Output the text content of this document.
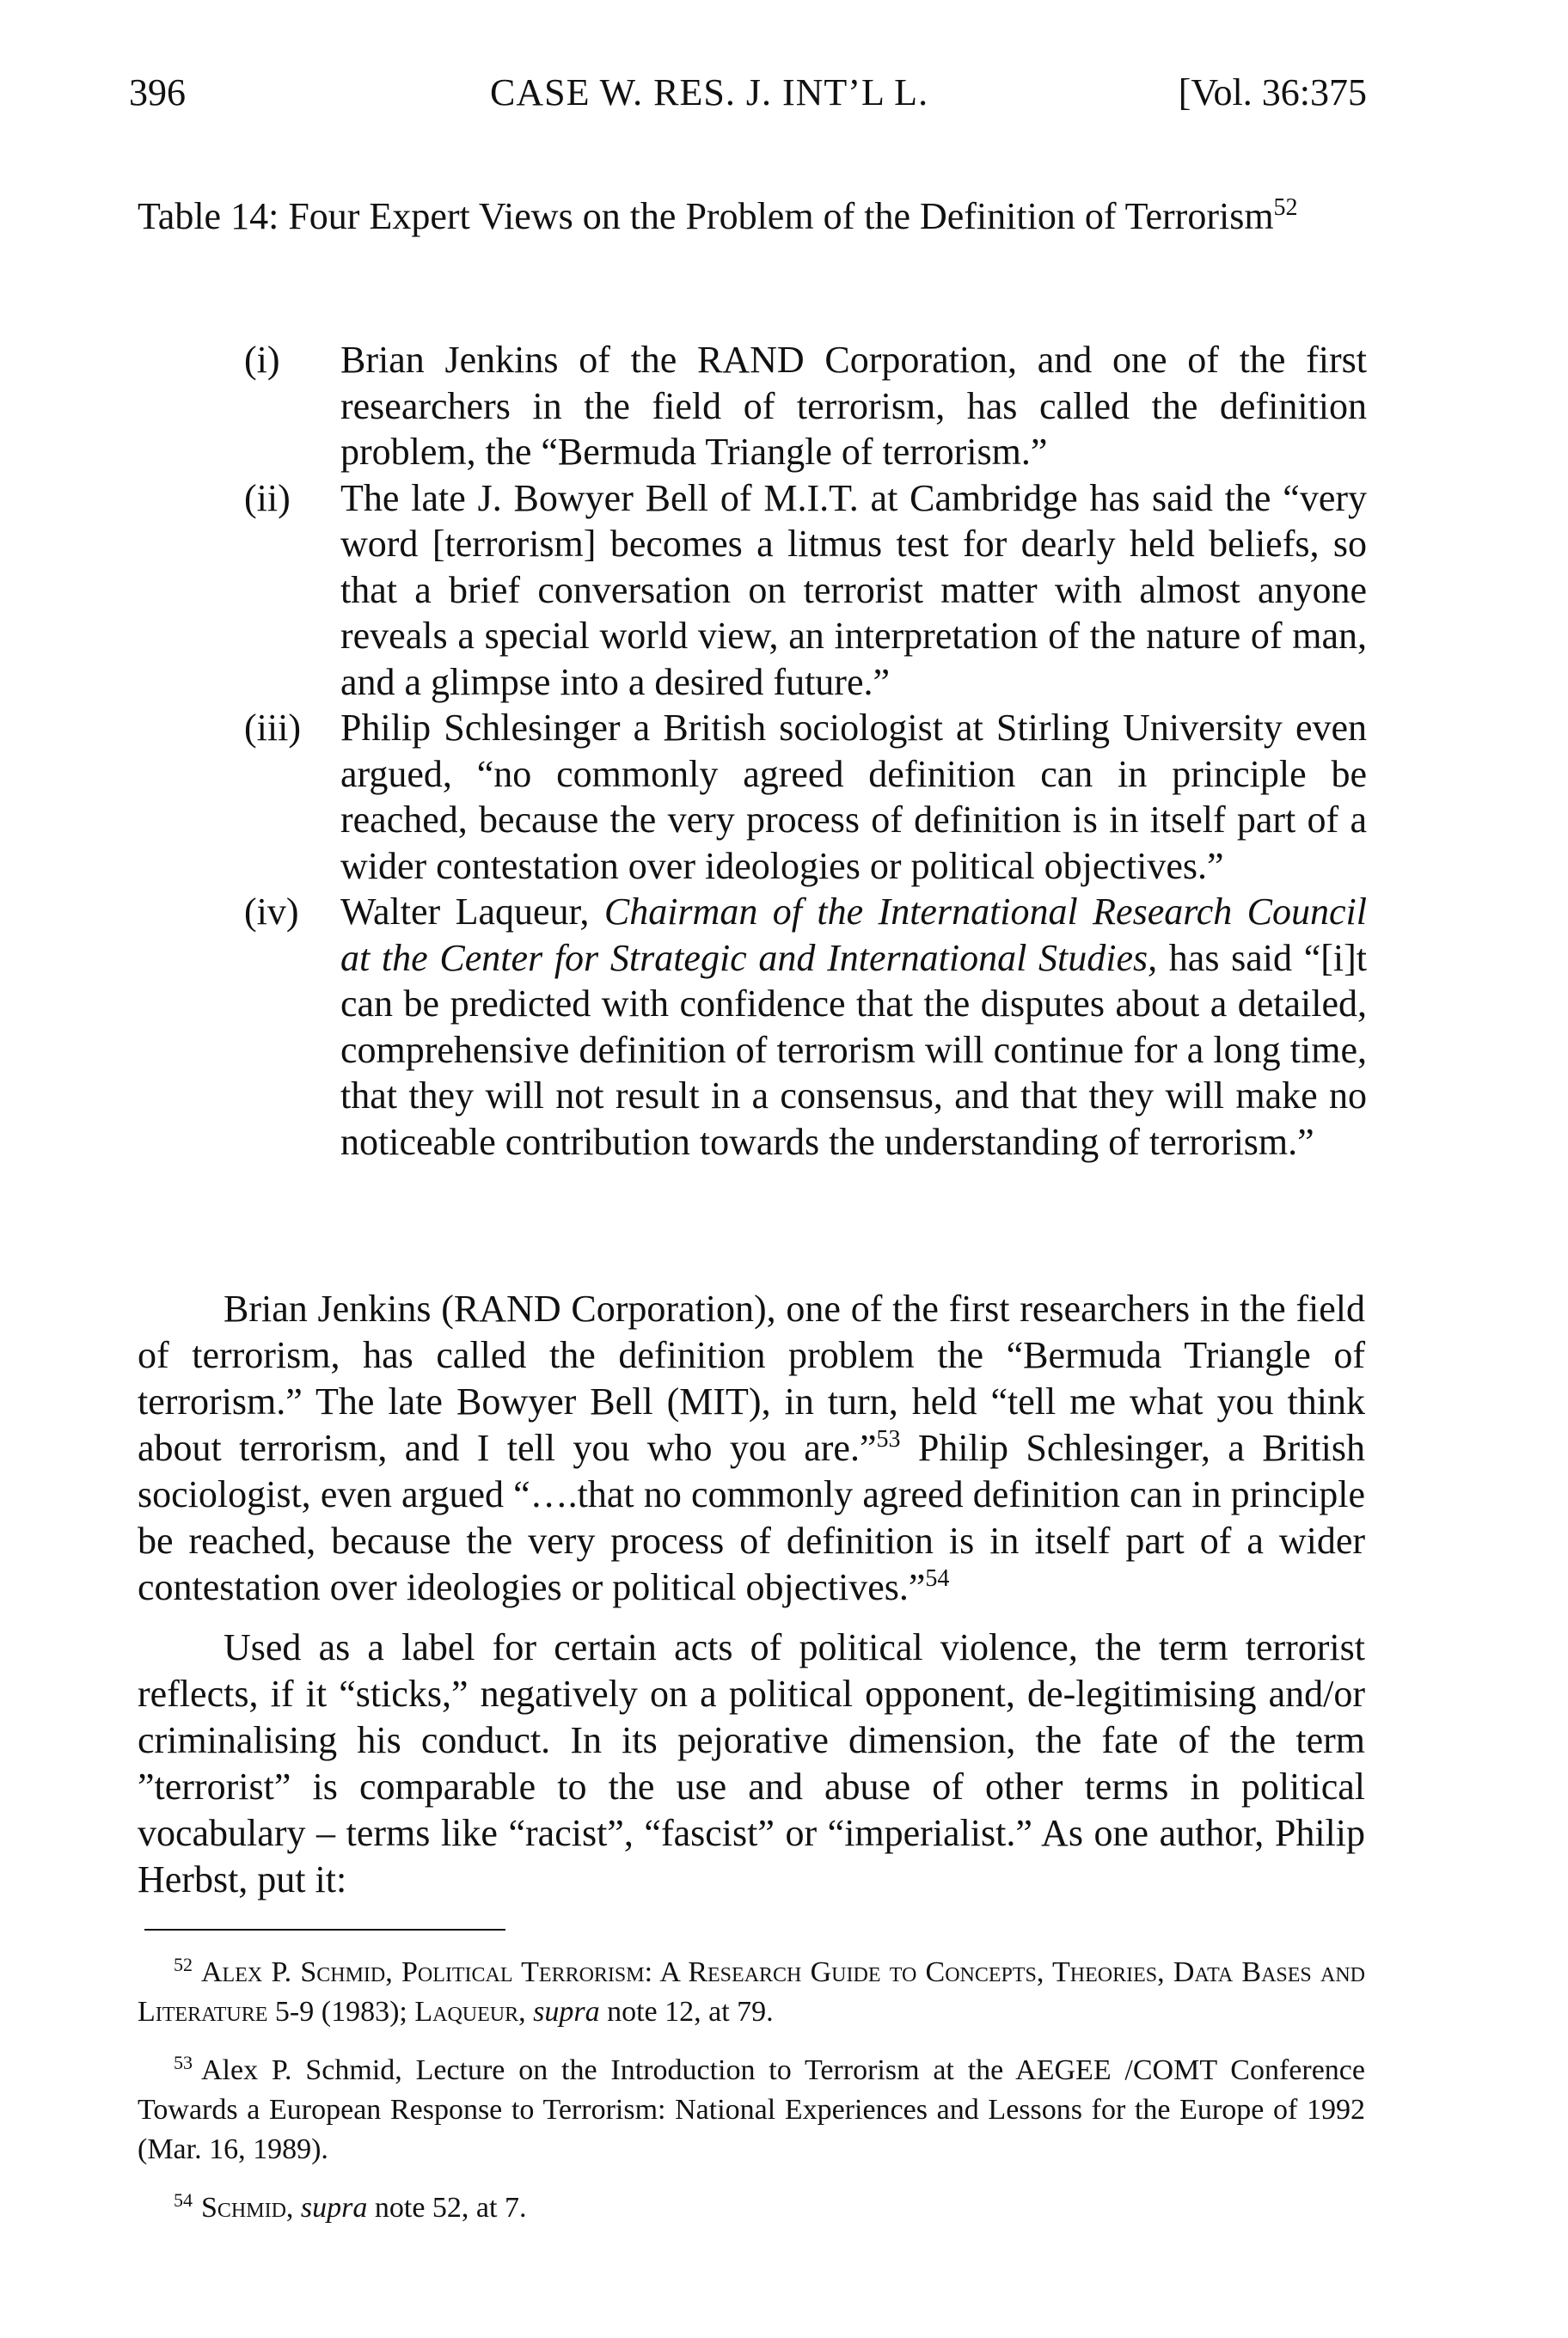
396	CASE W. RES. J. INT’L L.	[Vol. 36:375
Table 14: Four Expert Views on the Problem of the Definition of Terrorism$^{52}$
(i) Brian Jenkins of the RAND Corporation, and one of the first researchers in the field of terrorism, has called the definition problem, the “Bermuda Triangle of terrorism.”
(ii) The late J. Bowyer Bell of M.I.T. at Cambridge has said the “very word [terrorism] becomes a litmus test for dearly held beliefs, so that a brief conversation on terrorist matter with almost anyone reveals a special world view, an interpretation of the nature of man, and a glimpse into a desired future.”
(iii) Philip Schlesinger a British sociologist at Stirling University even argued, “no commonly agreed definition can in principle be reached, because the very process of definition is in itself part of a wider contestation over ideologies or political objectives.”
(iv) Walter Laqueur, Chairman of the International Research Council at the Center for Strategic and International Studies, has said “[i]t can be predicted with confidence that the disputes about a detailed, comprehensive definition of terrorism will continue for a long time, that they will not result in a consensus, and that they will make no noticeable contribution towards the understanding of terrorism.”

Brian Jenkins (RAND Corporation), one of the first researchers in the field of terrorism, has called the definition problem the “Bermuda Triangle of terrorism.” The late Bowyer Bell (MIT), in turn, held “tell me what you think about terrorism, and I tell you who you are.”$^{53}$ Philip Schlesinger, a British sociologist, even argued “….that no commonly agreed definition can in principle be reached, because the very process of definition is in itself part of a wider contestation over ideologies or political objectives.”$^{54}$

Used as a label for certain acts of political violence, the term terrorist reflects, if it “sticks,” negatively on a political opponent, de-legitimising and/or criminalising his conduct. In its pejorative dimension, the fate of the term ”terrorist” is comparable to the use and abuse of other terms in political vocabulary – terms like “racist”, “fascist” or “imperialist.” As one author, Philip Herbst, put it:

$^{52}$ Alex P. Schmid, Political Terrorism: A Research Guide to Concepts, Theories, Data Bases and Literature 5-9 (1983); Laqueur, supra note 12, at 79.

$^{53}$ Alex P. Schmid, Lecture on the Introduction to Terrorism at the AEGEE /COMT Conference Towards a European Response to Terrorism: National Experiences and Lessons for the Europe of 1992 (Mar. 16, 1989).

$^{54}$ Schmid, supra note 52, at 7.
